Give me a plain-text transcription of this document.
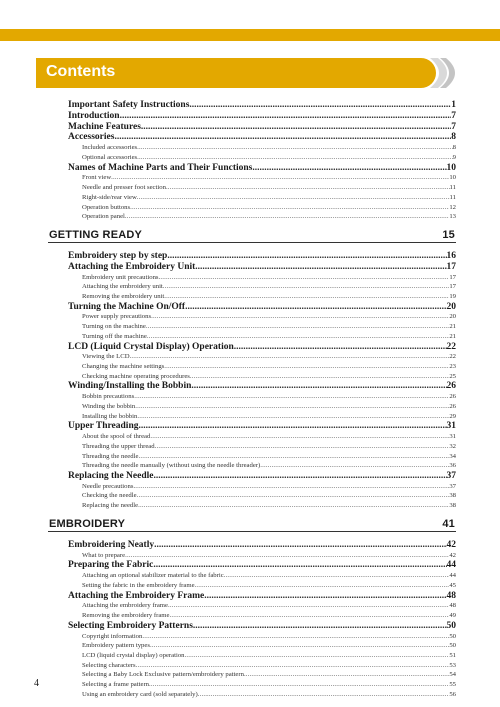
Contents
Important Safety Instructions .....	1
Introduction .....	7
Machine Features .....	7
Accessories .....	8
Included accessories .....	8
Optional accessories .....	9
Names of Machine Parts and Their Functions .....	10
Front view .....	10
Needle and presser foot section .....	11
Right-side/rear view .....	11
Operation buttons .....	12
Operation panel .....	13
GETTING READY	15
Embroidery step by step .....	16
Attaching the Embroidery Unit .....	17
Embroidery unit precautions .....	17
Attaching the embroidery unit .....	17
Removing the embroidery unit .....	19
Turning the Machine On/Off .....	20
Power supply precautions .....	20
Turning on the machine .....	21
Turning off the machine .....	21
LCD (Liquid Crystal Display) Operation .....	22
Viewing the LCD .....	22
Changing the machine settings .....	23
Checking machine operating procedures .....	25
Winding/Installing the Bobbin .....	26
Bobbin precautions .....	26
Winding the bobbin .....	26
Installing the bobbin .....	29
Upper Threading .....	31
About the spool of thread .....	31
Threading the upper thread .....	32
Threading the needle .....	34
Threading the needle manually (without using the needle threader) .....	36
Replacing the Needle .....	37
Needle precautions .....	37
Checking the needle .....	38
Replacing the needle .....	38
EMBROIDERY	41
Embroidering Neatly .....	42
What to prepare .....	42
Preparing the Fabric .....	44
Attaching an optional stabilizer material to the fabric .....	44
Setting the fabric in the embroidery frame .....	45
Attaching the Embroidery Frame .....	48
Attaching the embroidery frame .....	48
Removing the embroidery frame .....	49
Selecting Embroidery Patterns .....	50
Copyright information .....	50
Embroidery pattern types .....	50
LCD (liquid crystal display) operation .....	51
Selecting characters .....	53
Selecting a Baby Lock Exclusive pattern/embroidery pattern .....	54
Selecting a frame pattern .....	55
Using an embroidery card (sold separately) .....	56
4
